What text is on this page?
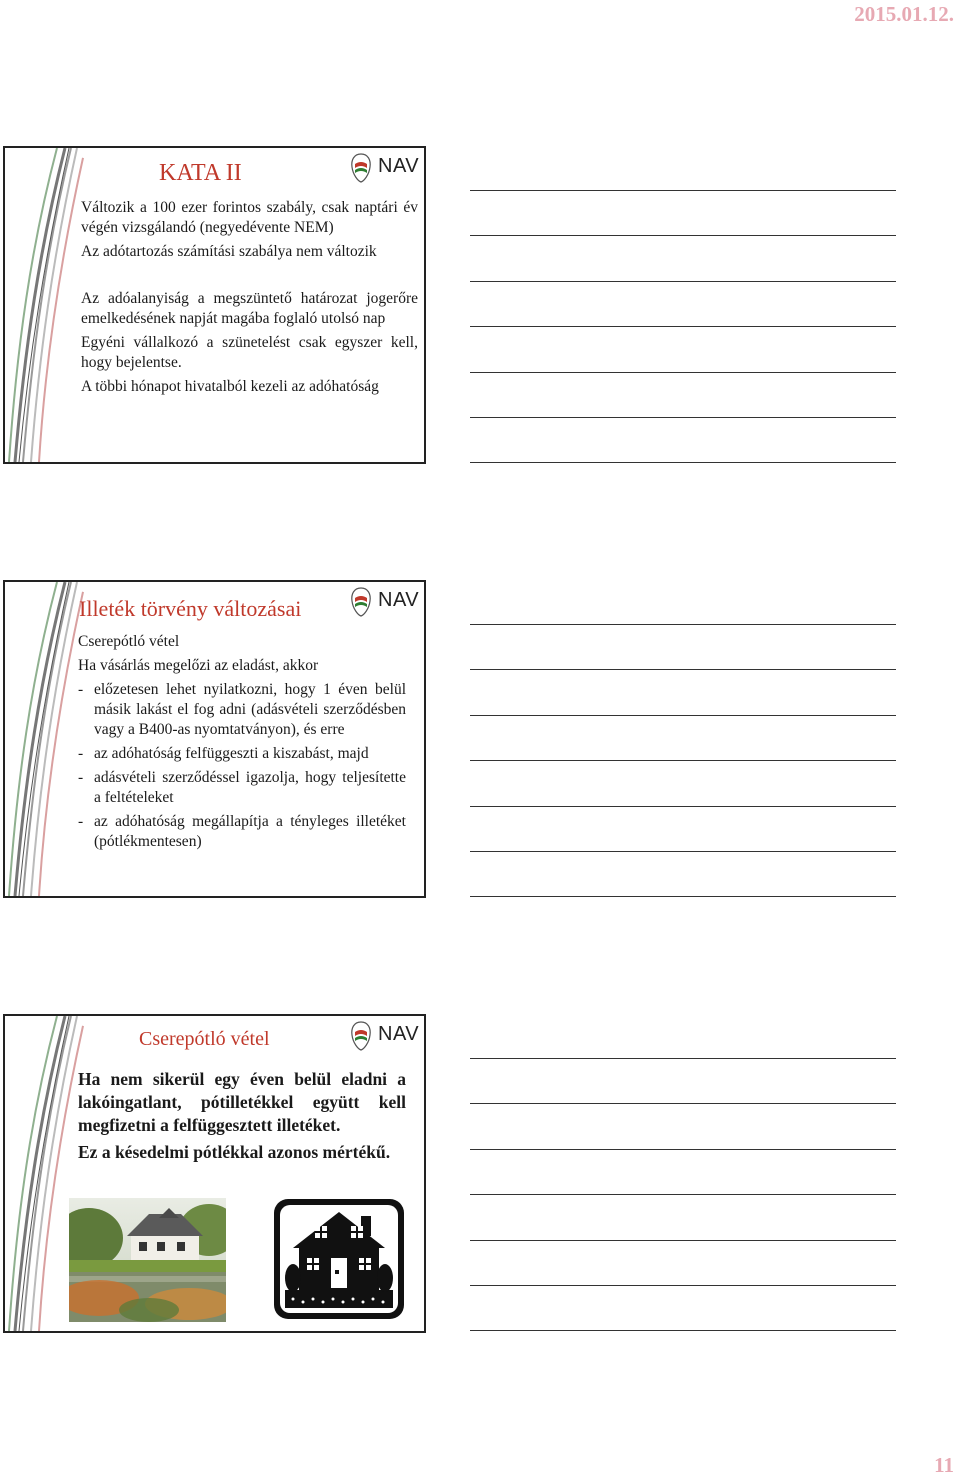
2015.01.12.
NAV
KATA II

Változik a 100 ezer forintos szabály, csak naptári év végén vizsgálandó (negyedévente NEM)

Az adótartozás számítási szabálya nem változik

Az adóalanyiság a megszüntető határozat jogerőre emelkedésének napját magába foglaló utolsó nap

Egyéni vállalkozó a szünetelést csak egyszer kell, hogy bejelentse.

A többi hónapot hivatalból kezeli az adóhatóság

NAV
Illeték törvény változásai

Cserepótló vétel

Ha vásárlás megelőzi az eladást, akkor

- előzetesen lehet nyilatkozni, hogy 1 éven belül másik lakást el fog adni (adásvételi szerződésben vagy a B400-as nyomtatványon), és erre
- az adóhatóság felfüggeszti a kiszabást, majd
- adásvételi szerződéssel igazolja, hogy teljesítette a feltételeket
- az adóhatóság megállapítja a tényleges illetéket (pótlékmentesen)
NAV
Cserepótló vétel

Ha nem sikerül egy éven belül eladni a lakóingatlant, pótilletékkel együtt kell megfizetni a felfüggesztett illetéket.

Ez a késedelmi pótlékkal azonos mértékű.

11
